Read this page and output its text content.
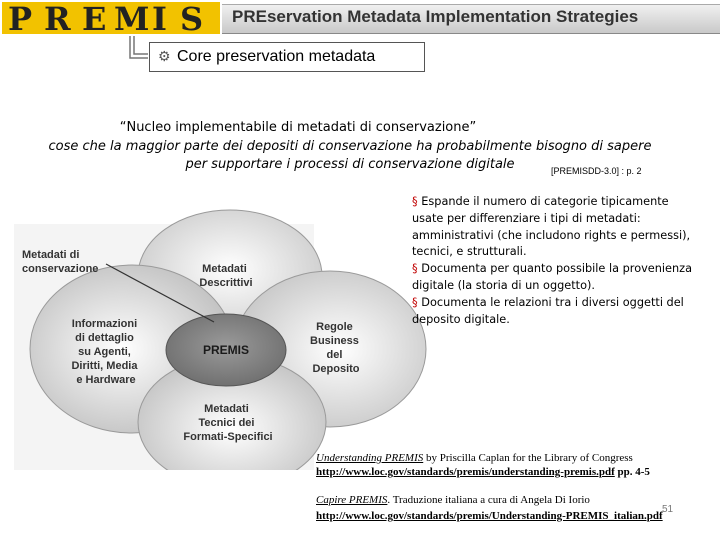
P R E M I S PREservation Metadata Implementation Strategies
⚙ Core preservation metadata
“Nucleo implementabile di metadati di conservazione”
cose che la maggior parte dei depositi di conservazione ha probabilmente bisogno di sapere
per supportare i processi di conservazione digitale	[PREMISDD-3.0] : p. 2
Metadati di conservazione	Metadati Descrittivi
Informazioni di dettaglio su Agenti, Diritti, Media e Hardware
PREMIS
Regole Business del Deposito
Metadati Tecnici dei Formati-Specifici

§ Espande il numero di categorie tipicamente usate per differenziare i tipi di metadati: amministrativi (che includono rights e permessi), tecnici, e strutturali.

§ Documenta per quanto possibile la provenienza digitale (la storia di un oggetto).

§ Documenta le relazioni tra i diversi oggetti del deposito digitale.

Understanding PREMIS by Priscilla Caplan for the Library of Congress
http://www.loc.gov/standards/premis/understanding-premis.pdf pp. 4-5
Capire PREMIS. Traduzione italiana a cura di Angela Di Iorio
http://www.loc.gov/standards/premis/Understanding-PREMIS_italian.pdf
51
